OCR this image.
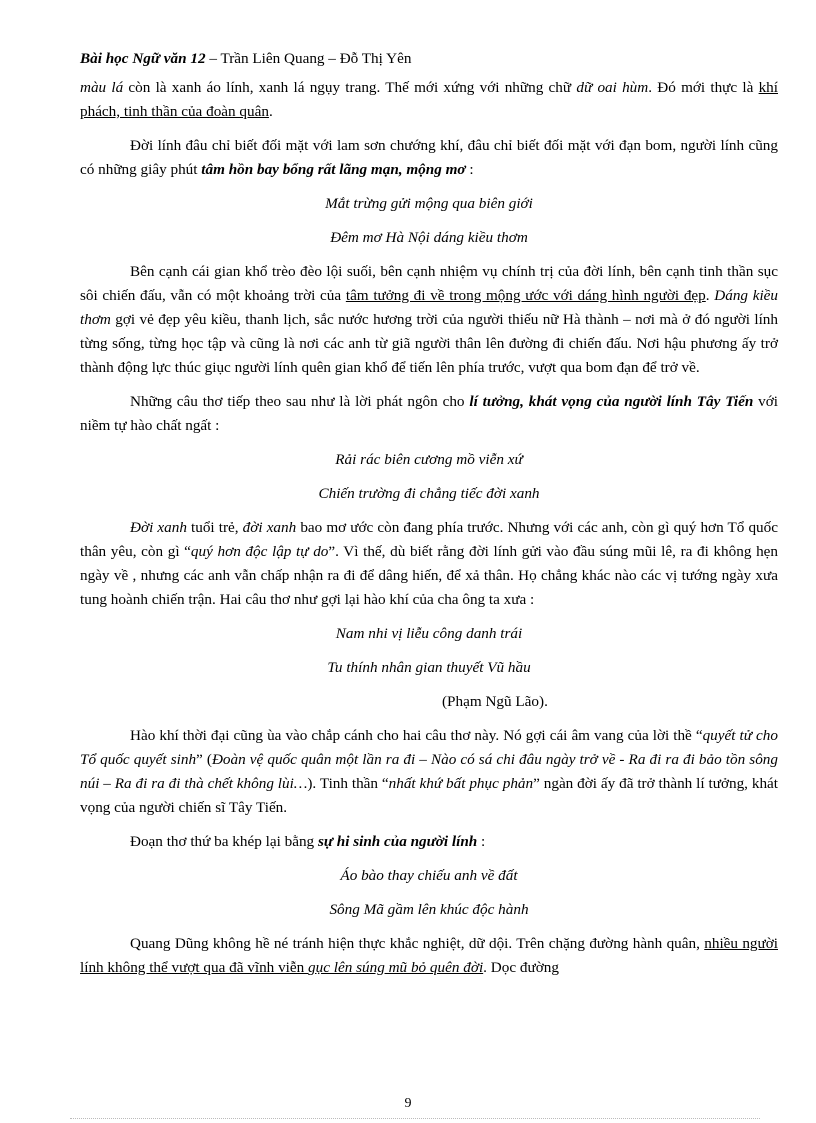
Bài học Ngữ văn 12 – Trần Liên Quang – Đỗ Thị Yên

màu lá còn là xanh áo lính, xanh lá ngụy trang. Thế mới xứng với những chữ dữ oai hùm. Đó mới thực là khí phách, tinh thần của đoàn quân.

Đời lính đâu chỉ biết đối mặt với lam sơn chướng khí, đâu chỉ biết đối mặt với đạn bom, người lính cũng có những giây phút tâm hồn bay bổng rất lãng mạn, mộng mơ :

Mắt trừng gửi mộng qua biên giới

Đêm mơ Hà Nội dáng kiều thơm

Bên cạnh cái gian khổ trèo đèo lội suối, bên cạnh nhiệm vụ chính trị của đời lính, bên cạnh tinh thần sục sôi chiến đấu, vẫn có một khoảng trời của tâm tưởng đi về trong mộng ước với dáng hình người đẹp. Dáng kiều thơm gợi vẻ đẹp yêu kiều, thanh lịch, sắc nước hương trời của người thiếu nữ Hà thành – nơi mà ở đó người lính từng sống, từng học tập và cũng là nơi các anh từ giã người thân lên đường đi chiến đấu. Nơi hậu phương ấy trở thành động lực thúc giục người lính quên gian khổ để tiến lên phía trước, vượt qua bom đạn để trở về.

Những câu thơ tiếp theo sau như là lời phát ngôn cho lí tưởng, khát vọng của người lính Tây Tiến với niềm tự hào chất ngất :

Rải rác biên cương mồ viễn xứ

Chiến trường đi chẳng tiếc đời xanh

Đời xanh tuổi trẻ, đời xanh bao mơ ước còn đang phía trước. Nhưng với các anh, còn gì quý hơn Tổ quốc thân yêu, còn gì “quý hơn độc lập tự do”. Vì thế, dù biết rằng đời lính gửi vào đầu súng mũi lê, ra đi không hẹn ngày về , nhưng các anh vẫn chấp nhận ra đi để dâng hiến, để xả thân. Họ chẳng khác nào các vị tướng ngày xưa tung hoành chiến trận. Hai câu thơ như gợi lại hào khí của cha ông ta xưa :

Nam nhi vị liễu công danh trái

Tu thính nhân gian thuyết Vũ hầu

(Phạm Ngũ Lão).

Hào khí thời đại cũng ùa vào chắp cánh cho hai câu thơ này. Nó gợi cái âm vang của lời thề “quyết tử cho Tổ quốc quyết sinh” (Đoàn vệ quốc quân một lần ra đi – Nào có sá chi đâu ngày trở về - Ra đi ra đi bảo tồn sông núi – Ra đi ra đi thà chết không lùi…). Tinh thần “nhất khứ bất phục phản” ngàn đời ấy đã trở thành lí tưởng, khát vọng của người chiến sĩ Tây Tiến.

Đoạn thơ thứ ba khép lại bằng sự hi sinh của người lính :

Áo bào thay chiếu anh về đất

Sông Mã gầm lên khúc độc hành

Quang Dũng không hề né tránh hiện thực khắc nghiệt, dữ dội. Trên chặng đường hành quân, nhiều người lính không thể vượt qua đã vĩnh viễn gục lên súng mũ bỏ quên đời. Dọc đường

9
